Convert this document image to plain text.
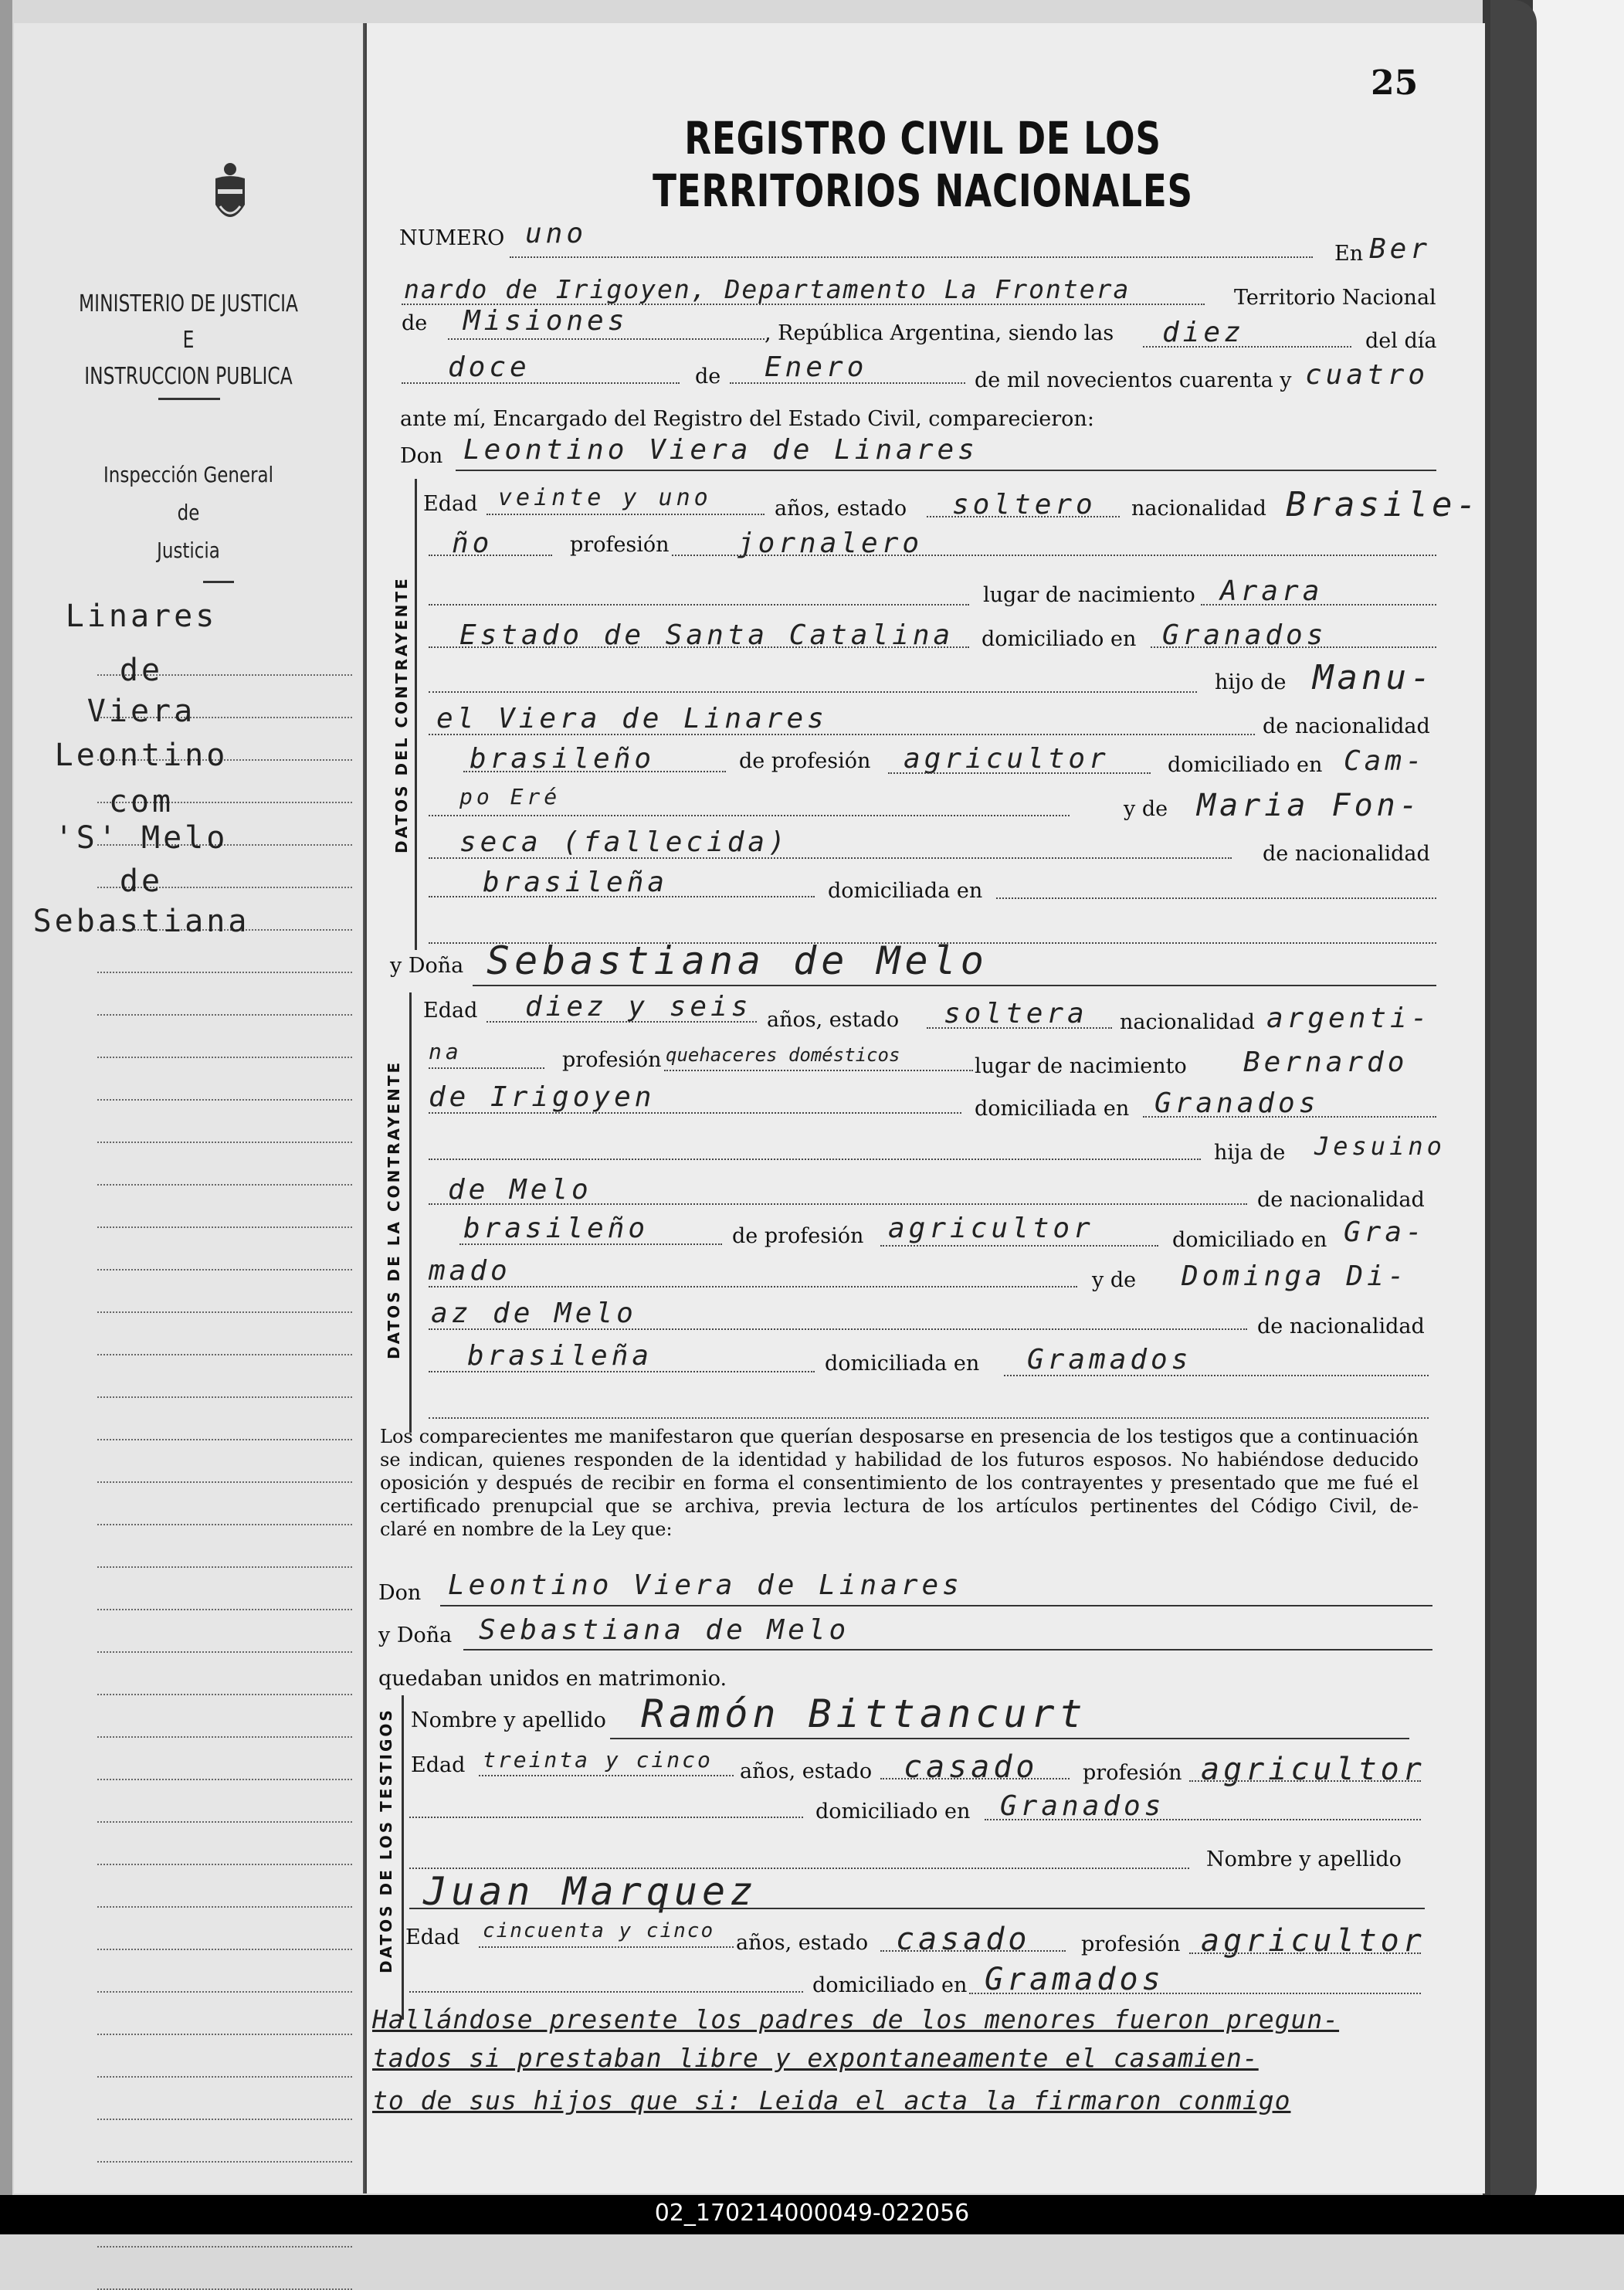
MINISTERIO DE JUSTICIA
E
INSTRUCCION PUBLICA
Inspección General
de
Justicia
Linares
de
Viera
Leontino
com
'S' Melo
de
Sebastiana
25
REGISTRO CIVIL DE LOS TERRITORIOS NACIONALES
NUMERO uno
En Ber
nardo de Irigoyen, Departamento La Frontera	Territorio Nacional
de Misiones	, República Argentina, siendo las diez	del día
doce	de Enero	de mil novecientos cuarenta y cuatro
ante mí, Encargado del Registro del Estado Civil, comparecieron:
Don Leontino Viera de Linares
DATOS DEL CONTRAYENTE
Edad veinte y uno	años, estado soltero nacionalidad Brasile-
ño	profesión jornalero
lugar de nacimiento Arara
Estado de Santa Catalina domiciliado en Granados
hijo de Manu-
el Viera de Linares	de nacionalidad
brasileño	de profesión agricultor	domiciliado en Cam-
po Eré	y de Maria Fon-
seca (fallecida)	de nacionalidad
brasileña	domiciliada en
y Doña Sebastiana de Melo
DATOS DE LA CONTRAYENTE
Edad diez y seis años, estado soltera nacionalidad argenti-
na	profesión quehaceres domésticos	lugar de nacimiento Bernardo
de Irigoyen	domiciliada en Granados
hija de Jesuino
de Melo	de nacionalidad
brasileño	de profesión agricultor	domiciliado en Gra-
mado	y de Dominga Di-
az de Melo	de nacionalidad
brasileña	domiciliada en Gramados
Los comparecientes me manifestaron que querían desposarse en presencia de los testigos que a continuación
se indican, quienes responden de la identidad y habilidad de los futuros esposos. No habiéndose deducido
oposición y después de recibir en forma el consentimiento de los contrayentes y presentado que me fué el
certificado prenupcial que se archiva, previa lectura de los artículos pertinentes del Código Civil, de-
claré en nombre de la Ley que:
Don Leontino Viera de Linares
y Doña Sebastiana de Melo
quedaban unidos en matrimonio.
DATOS DE LOS TESTIGOS Nombre y apellido Ramón Bittancurt
Edad treinta y cinco años, estado casado profesión agricultor
domiciliado en Granados
Nombre y apellido
Juan Marquez
Edad cincuenta y cinco años, estado casado profesión agricultor
domiciliado en Gramados
Hallándose presente los padres de los menores fueron pregun-
tados si prestaban libre y expontaneamente el casamien-
to de sus hijos que si: Leida el acta la firmaron conmigo
02_170214000049-022056
